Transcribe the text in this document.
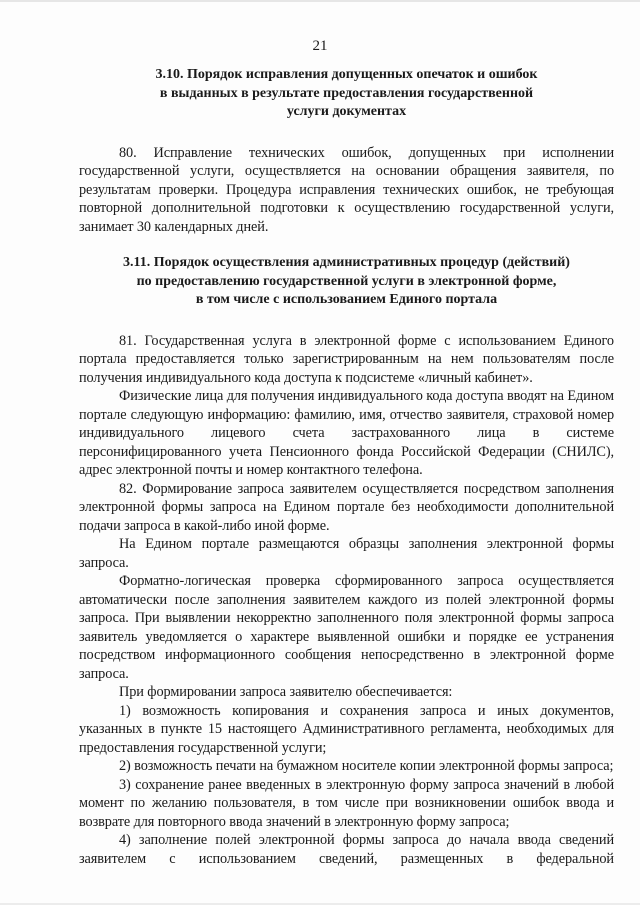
21
3.10. Порядок исправления допущенных опечаток и ошибок
в выданных в результате предоставления государственной
услуги документах

80. Исправление технических ошибок, допущенных при исполнении государственной услуги, осуществляется на основании обращения заявителя, по результатам проверки. Процедура исправления технических ошибок, не требующая повторной дополнительной подготовки к осуществлению государственной услуги, занимает 30 календарных дней.

3.11. Порядок осуществления административных процедур (действий)
по предоставлению государственной услуги в электронной форме,
в том числе с использованием Единого портала

81. Государственная услуга в электронной форме с использованием Единого портала предоставляется только зарегистрированным на нем пользователям после получения индивидуального кода доступа к подсистеме «личный кабинет».

Физические лица для получения индивидуального кода доступа вводят на Едином портале следующую информацию: фамилию, имя, отчество заявителя, страховой номер индивидуального лицевого счета застрахованного лица в системе персонифицированного учета Пенсионного фонда Российской Федерации (СНИЛС), адрес электронной почты и номер контактного телефона.

82. Формирование запроса заявителем осуществляется посредством заполнения электронной формы запроса на Едином портале без необходимости дополнительной подачи запроса в какой-либо иной форме.

На Едином портале размещаются образцы заполнения электронной формы запроса.

Форматно-логическая проверка сформированного запроса осуществляется автоматически после заполнения заявителем каждого из полей электронной формы запроса. При выявлении некорректно заполненного поля электронной формы запроса заявитель уведомляется о характере выявленной ошибки и порядке ее устранения посредством информационного сообщения непосредственно в электронной форме запроса.

При формировании запроса заявителю обеспечивается:

1) возможность копирования и сохранения запроса и иных документов, указанных в пункте 15 настоящего Административного регламента, необходимых для предоставления государственной услуги;

2) возможность печати на бумажном носителе копии электронной формы запроса;

3) сохранение ранее введенных в электронную форму запроса значений в любой момент по желанию пользователя, в том числе при возникновении ошибок ввода и возврате для повторного ввода значений в электронную форму запроса;

4) заполнение полей электронной формы запроса до начала ввода сведений заявителем с использованием сведений, размещенных в федеральной
